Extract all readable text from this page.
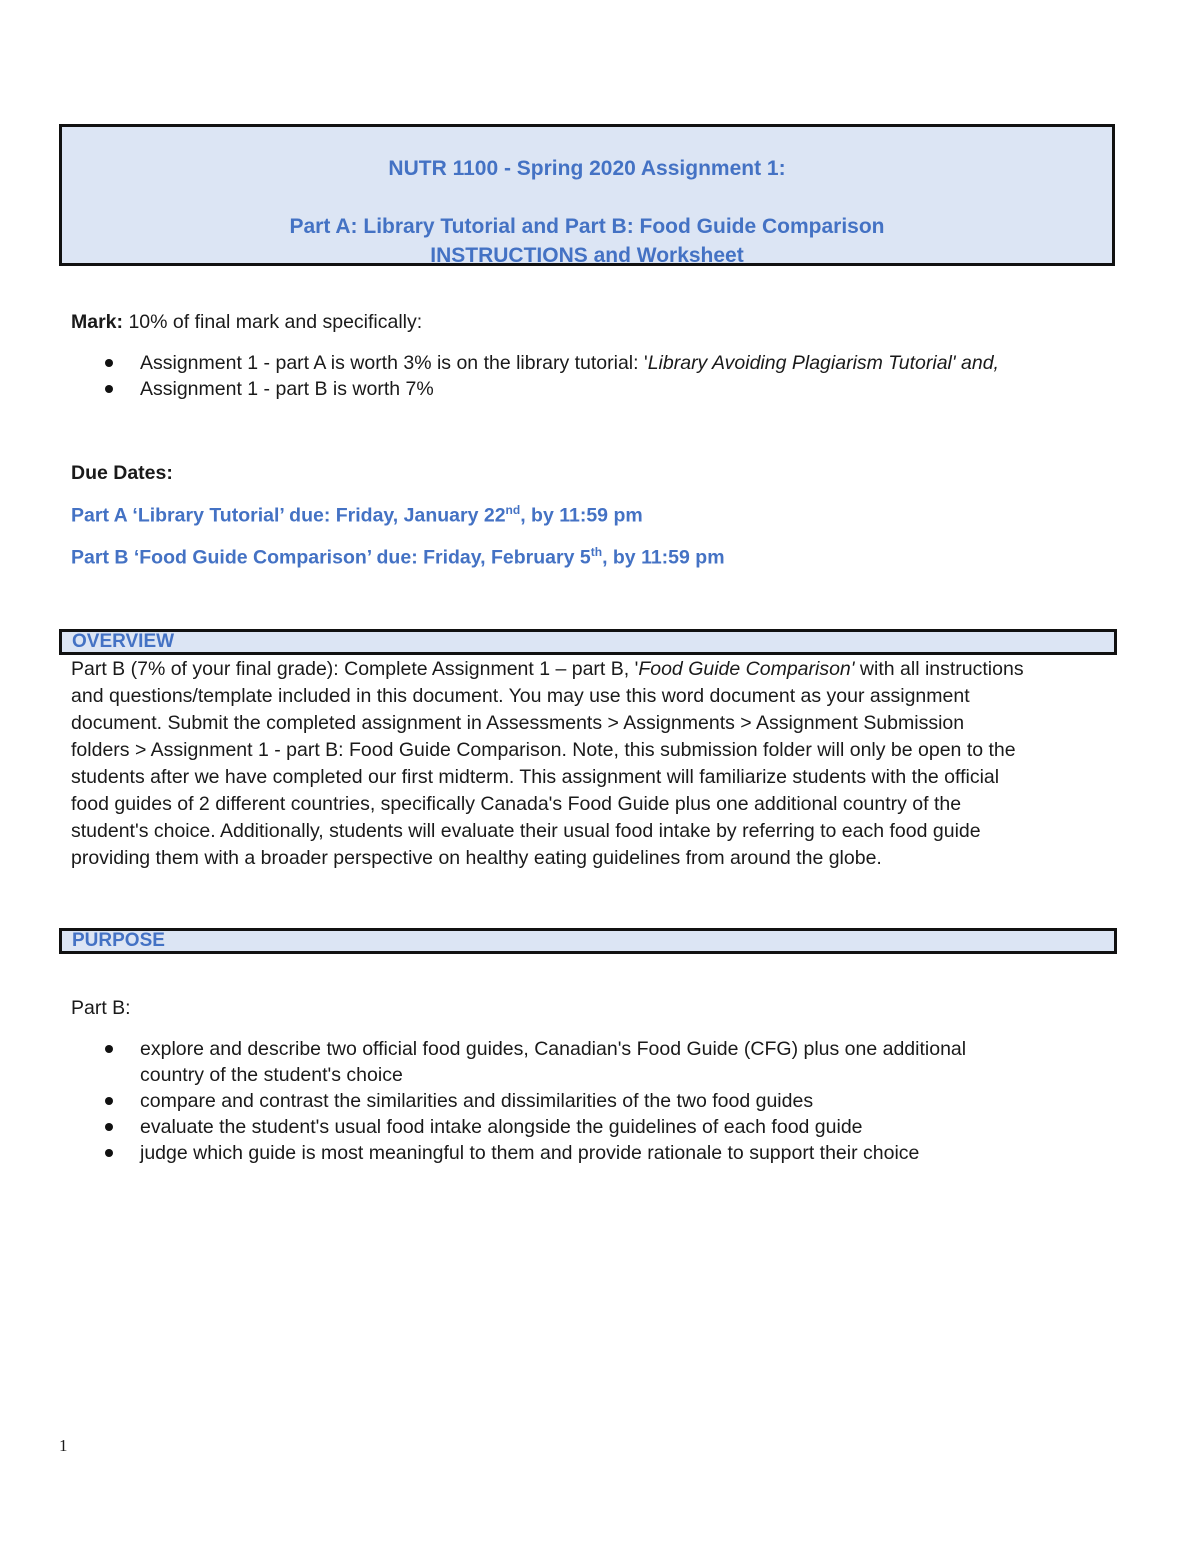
NUTR 1100 - Spring 2020 Assignment 1:
Part A: Library Tutorial and Part B: Food Guide Comparison
INSTRUCTIONS and Worksheet
Mark: 10% of final mark and specifically:
Assignment 1 - part A is worth 3% is on the library tutorial: 'Library Avoiding Plagiarism Tutorial' and,
Assignment 1 - part B is worth 7%
Due Dates:
Part A ‘Library Tutorial’ due: Friday, January 22nd, by 11:59 pm
Part B ‘Food Guide Comparison’ due: Friday, February 5th, by 11:59 pm
OVERVIEW
Part B (7% of your final grade): Complete Assignment 1 – part B, 'Food Guide Comparison' with all instructions
and questions/template included in this document. You may use this word document as your assignment
document. Submit the completed assignment in Assessments > Assignments > Assignment Submission
folders > Assignment 1 - part B: Food Guide Comparison. Note, this submission folder will only be open to the
students after we have completed our first midterm. This assignment will familiarize students with the official
food guides of 2 different countries, specifically Canada's Food Guide plus one additional country of the
student's choice. Additionally, students will evaluate their usual food intake by referring to each food guide
providing them with a broader perspective on healthy eating guidelines from around the globe.
PURPOSE
Part B:
explore and describe two official food guides, Canadian's Food Guide (CFG) plus one additional
country of the student's choice
compare and contrast the similarities and dissimilarities of the two food guides
evaluate the student's usual food intake alongside the guidelines of each food guide
judge which guide is most meaningful to them and provide rationale to support their choice
1
